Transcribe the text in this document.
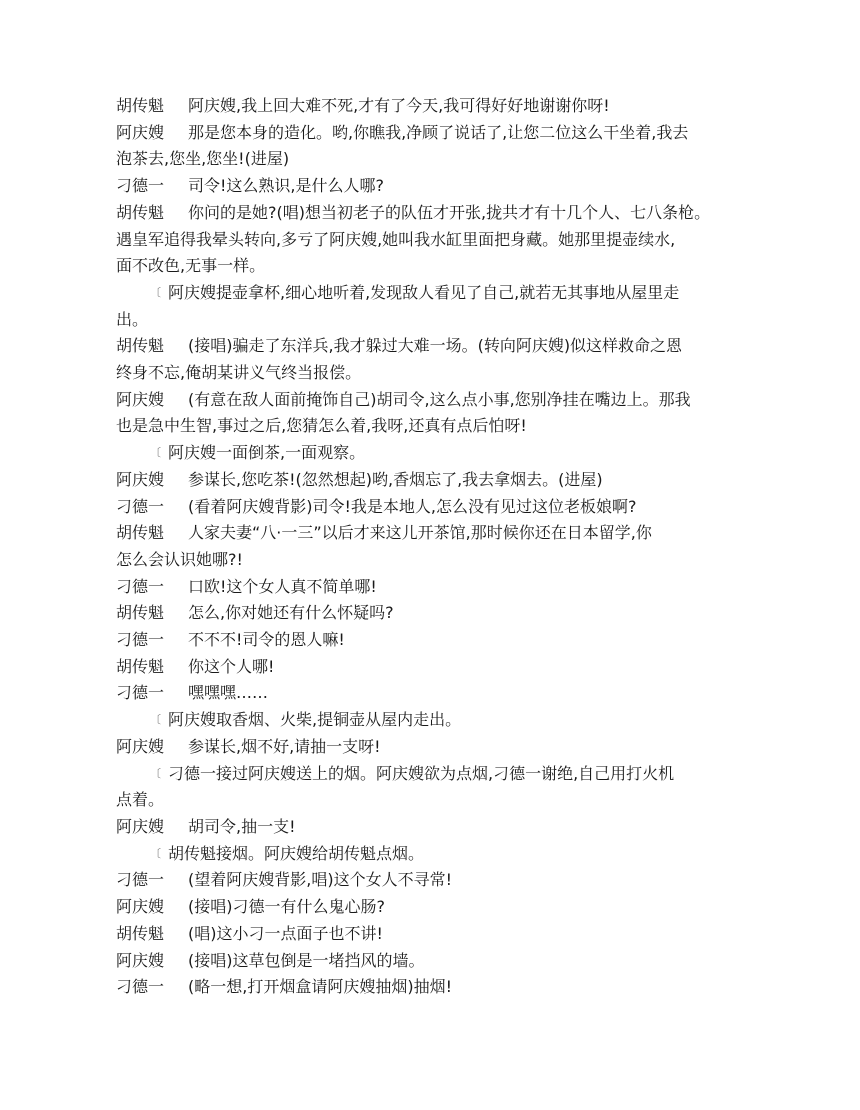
胡传魁 阿庆嫂,我上回大难不死,才有了今天,我可得好好地谢谢你呀!
阿庆嫂 那是您本身的造化。哟,你瞧我,净顾了说话了,让您二位这么干坐着,我去
泡茶去,您坐,您坐!(进屋)
刁德一 司令!这么熟识,是什么人哪?
胡传魁 你问的是她?(唱)想当初老子的队伍才开张,拢共才有十几个人、七八条枪。
遇皇军追得我晕头转向,多亏了阿庆嫂,她叫我水缸里面把身藏。她那里提壶续水,
面不改色,无事一样。
〔 阿庆嫂提壶拿杯,细心地听着,发现敌人看见了自己,就若无其事地从屋里走
出。
胡传魁 (接唱)骗走了东洋兵,我才躲过大难一场。(转向阿庆嫂)似这样救命之恩
终身不忘,俺胡某讲义气终当报偿。
阿庆嫂 (有意在敌人面前掩饰自己)胡司令,这么点小事,您别净挂在嘴边上。那我
也是急中生智,事过之后,您猜怎么着,我呀,还真有点后怕呀!
〔 阿庆嫂一面倒茶,一面观察。
阿庆嫂 参谋长,您吃茶!(忽然想起)哟,香烟忘了,我去拿烟去。(进屋)
刁德一 (看着阿庆嫂背影)司令!我是本地人,怎么没有见过这位老板娘啊?
胡传魁 人家夫妻“八·一三”以后才来这儿开茶馆,那时候你还在日本留学,你
怎么会认识她哪?!
刁德一 口欧!这个女人真不简单哪!
胡传魁 怎么,你对她还有什么怀疑吗?
刁德一 不不不!司令的恩人嘛!
胡传魁 你这个人哪!
刁德一 嘿嘿嘿……
〔 阿庆嫂取香烟、火柴,提铜壶从屋内走出。
阿庆嫂 参谋长,烟不好,请抽一支呀!
〔 刁德一接过阿庆嫂送上的烟。阿庆嫂欲为点烟,刁德一谢绝,自己用打火机
点着。
阿庆嫂 胡司令,抽一支!
〔 胡传魁接烟。阿庆嫂给胡传魁点烟。
刁德一 (望着阿庆嫂背影,唱)这个女人不寻常!
阿庆嫂 (接唱)刁德一有什么鬼心肠?
胡传魁 (唱)这小刁一点面子也不讲!
阿庆嫂 (接唱)这草包倒是一堵挡风的墙。
刁德一 (略一想,打开烟盒请阿庆嫂抽烟)抽烟!
